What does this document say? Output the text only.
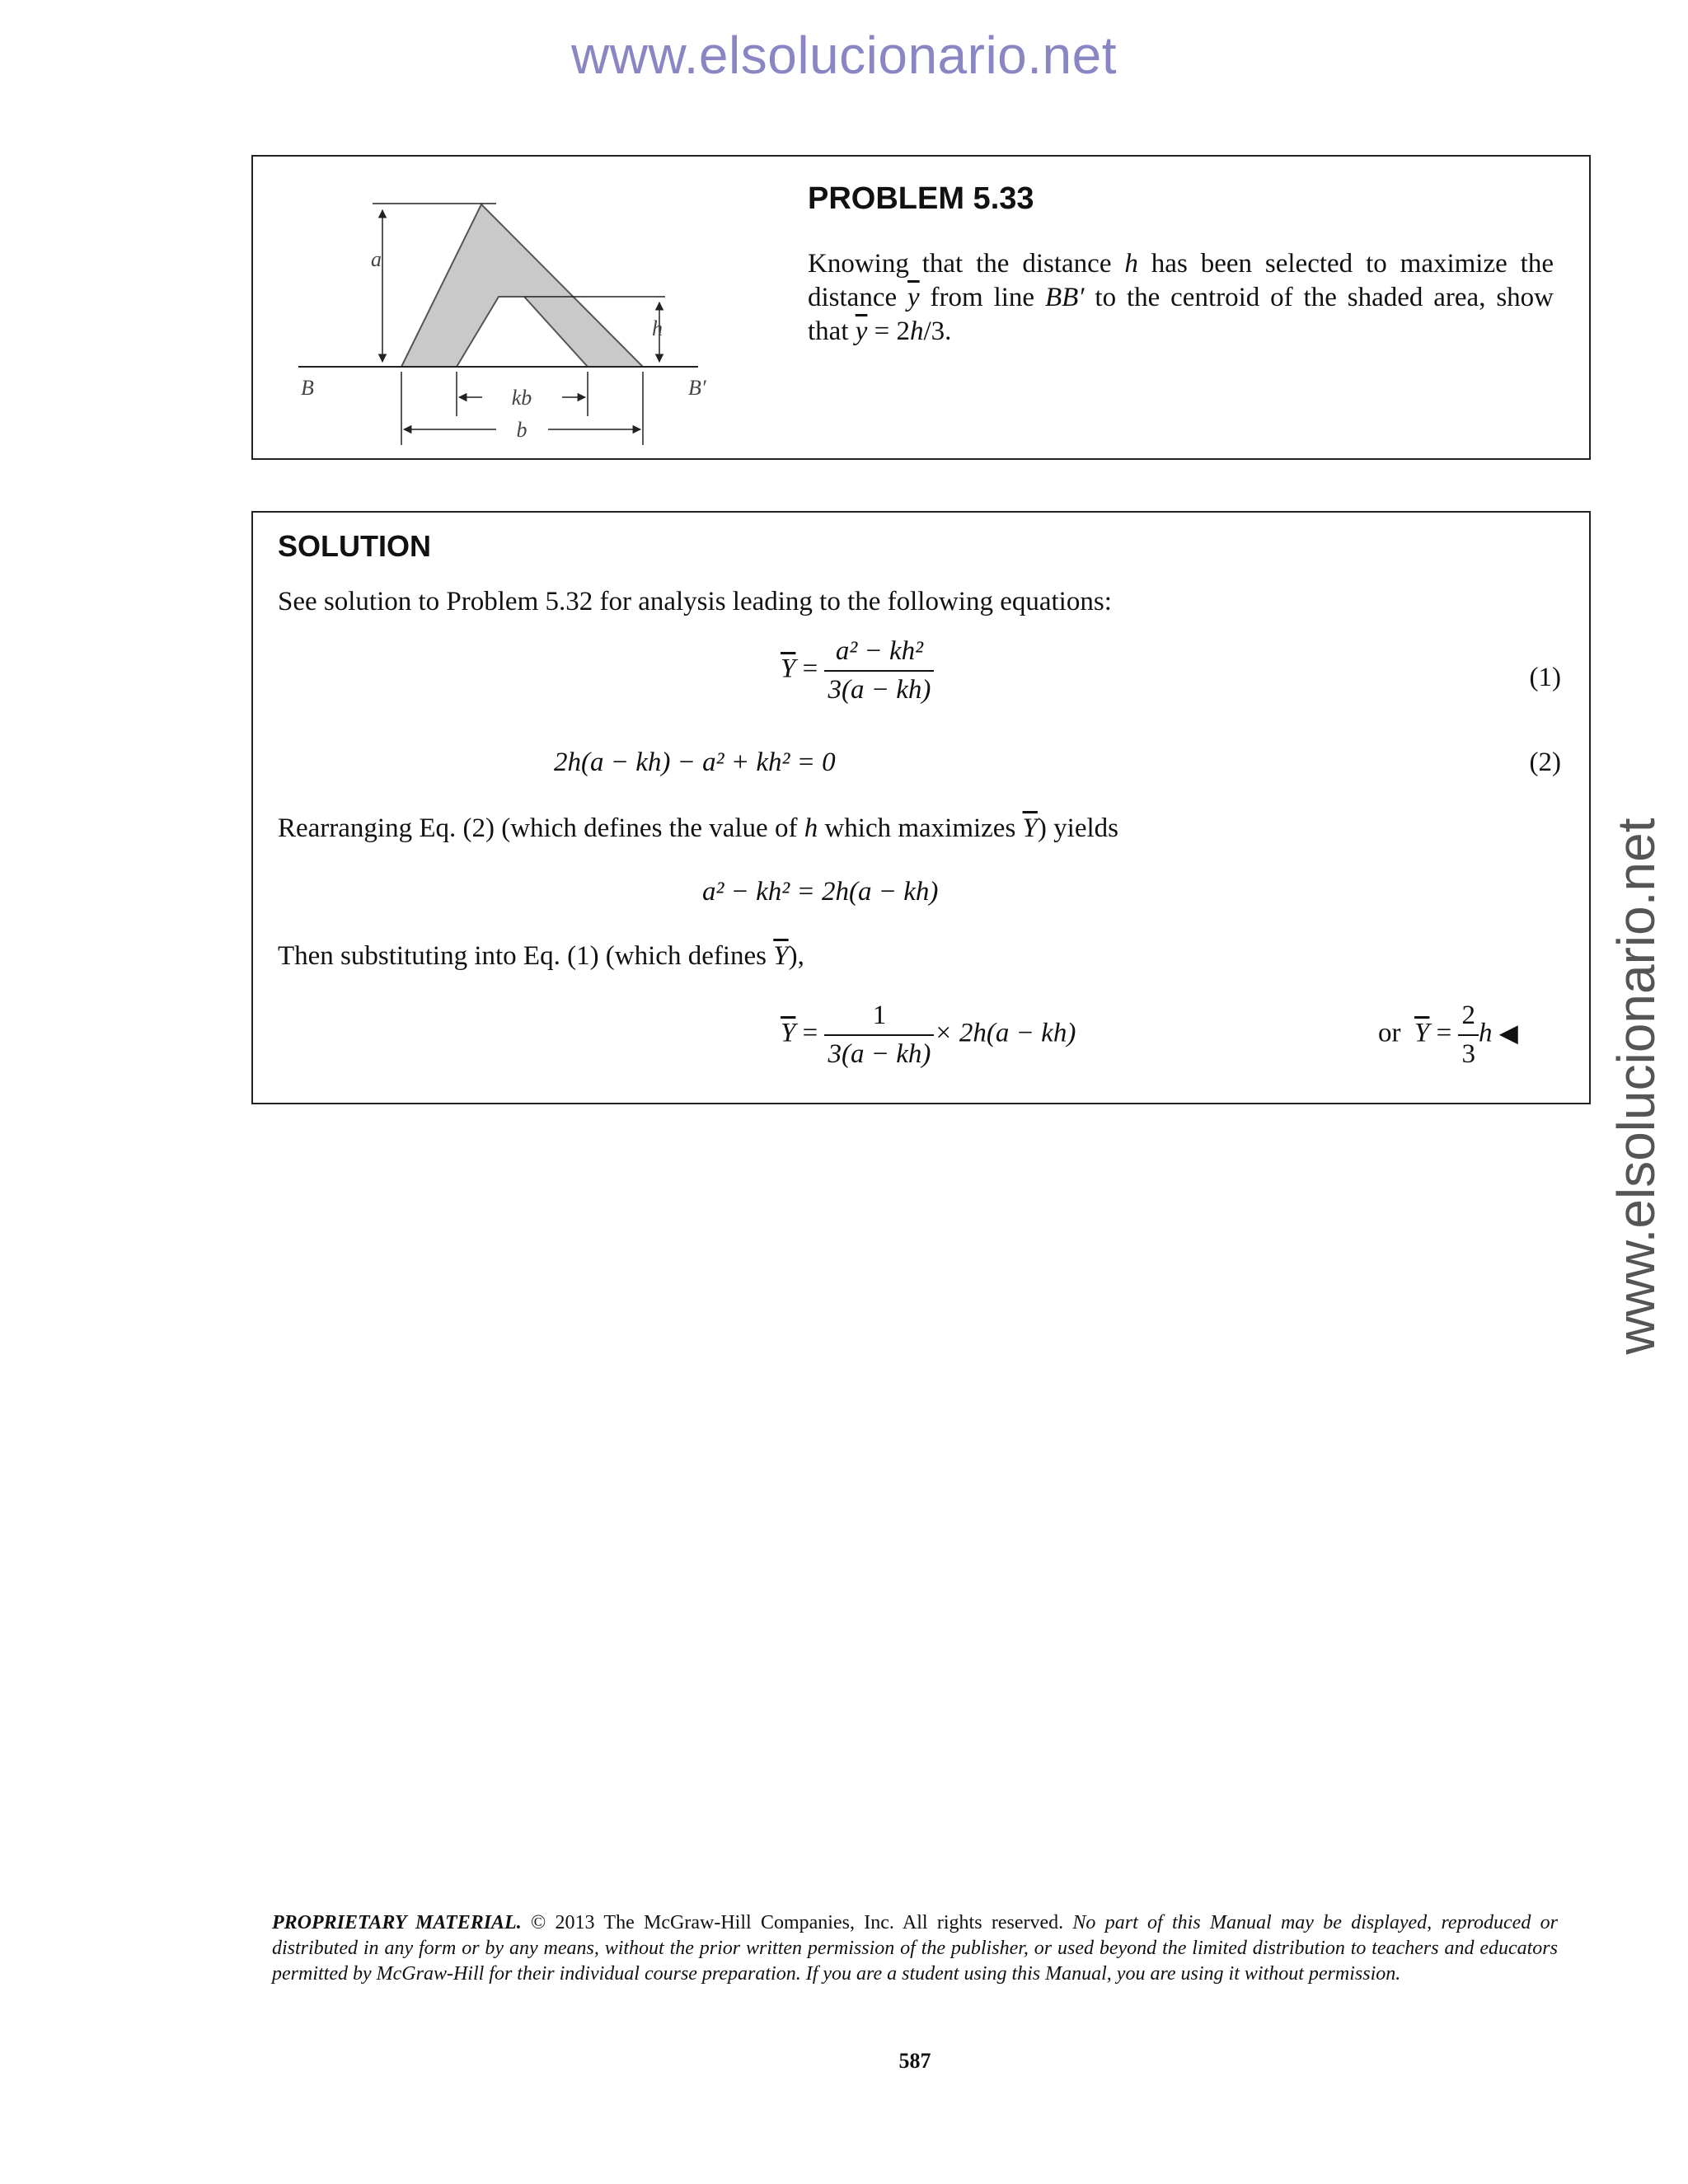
www.elsolucionario.net
www.elsolucionario.net
a
h
B	B′
kb
b
PROBLEM 5.33
Knowing that the distance h has been selected to maximize the distance $\overline{y}$ from line BB′ to the centroid of the shaded area, show that $\overline{y} = 2h/3$.
SOLUTION
See solution to Problem 5.32 for analysis leading to the following equations:
$\overline{Y} = \frac{\text{a² − kh²}}{3(a - kh)}$	(1)
2h(a − kh) − a² + kh² = 0	(2)
Rearranging Eq. (2) (which defines the value of h which maximizes $\overline{Y}$) yields
a² − kh² = 2h(a − kh)
Then substituting into Eq. (1) (which defines $\overline{Y}$),
$\overline{Y} = \frac{1}{3(a - kh)} \times 2h(a - kh)$	or $\overline{Y} = \frac{2}{3}$ h ◀
PROPRIETARY MATERIAL. © 2013 The McGraw-Hill Companies, Inc. All rights reserved. No part of this Manual may be displayed, reproduced or distributed in any form or by any means, without the prior written permission of the publisher, or used beyond the limited distribution to teachers and educators permitted by McGraw-Hill for their individual course preparation. If you are a student using this Manual, you are using it without permission.
587
